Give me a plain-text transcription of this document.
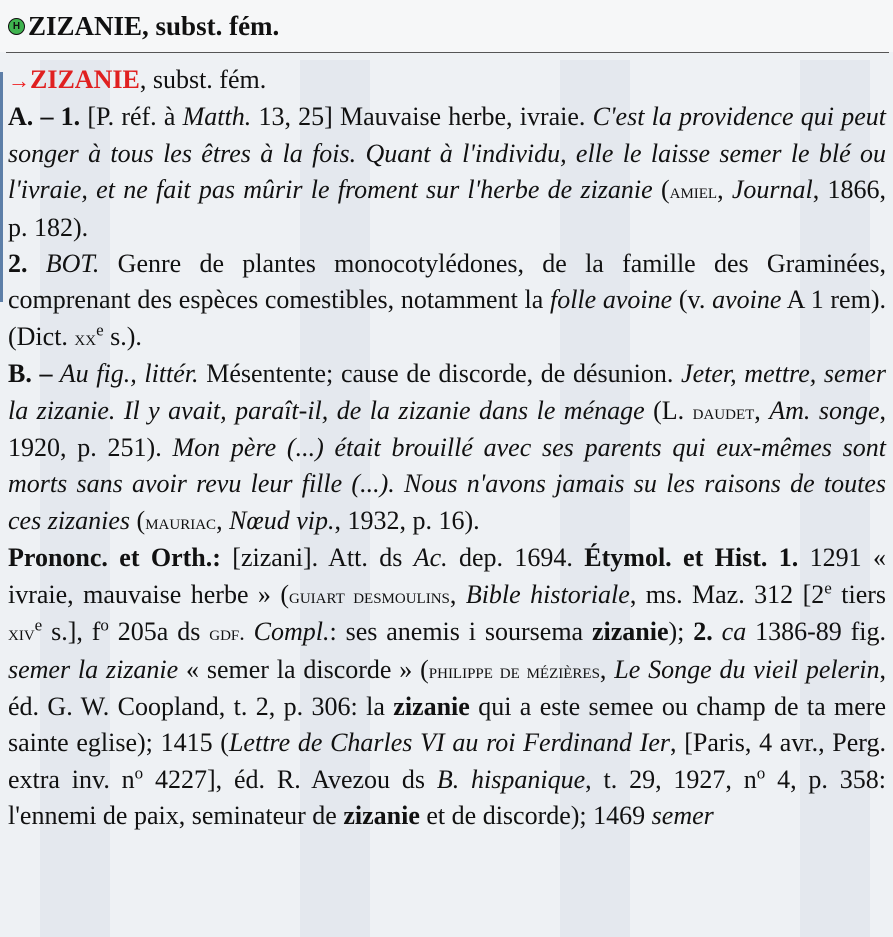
H ZIZANIE, subst. fém.

→ZIZANIE, subst. fém.

A. – 1. [P. réf. à Matth. 13, 25] Mauvaise herbe, ivraie. C'est la providence qui peut songer à tous les êtres à la fois. Quant à l'individu, elle le laisse semer le blé ou l'ivraie, et ne fait pas mûrir le froment sur l'herbe de zizanie (amiel, Journal, 1866, p. 182).

2. BOT. Genre de plantes monocotylédones, de la famille des Graminées, comprenant des espèces comestibles, notamment la folle avoine (v. avoine A 1 rem). (Dict. $xx^e$ s.).

B. – Au fig., littér. Mésentente; cause de discorde, de désunion. Jeter, mettre, semer la zizanie. Il y avait, paraît-il, de la zizanie dans le ménage (L. daudet, Am. songe, 1920, p. 251). Mon père (...) était brouillé avec ses parents qui eux-mêmes sont morts sans avoir revu leur fille (...). Nous n'avons jamais su les raisons de toutes ces zizanies (mauriac, Nœud vip., 1932, p. 16).

Prononc. et Orth.: [zizani]. Att. ds Ac. dep. 1694. Étymol. et Hist. 1. 1291 « ivraie, mauvaise herbe » (guiart desmoulins, Bible historiale, ms. Maz. 312 [2e tiers xiv$^e$ s.], $f^o$ 205a ds gdf. Compl.: ses anemis i soursema zizanie); 2. ca 1386-89 fig. semer la zizanie « semer la discorde » (philippe de mézières, Le Songe du vieil pelerin, éd. G. W. Coopland, t. 2, p. 306: la zizanie qui a este semee ou champ de ta mere sainte eglise); 1415 (Lettre de Charles VI au roi Ferdinand Ier, [Paris, 4 avr., Perg. extra inv. $n^o$ 4227], éd. R. Avezou ds B. hispanique, t. 29, 1927, $n^o$ 4, p. 358: l'ennemi de paix, seminateur de zizanie et de discorde); 1469 semer
